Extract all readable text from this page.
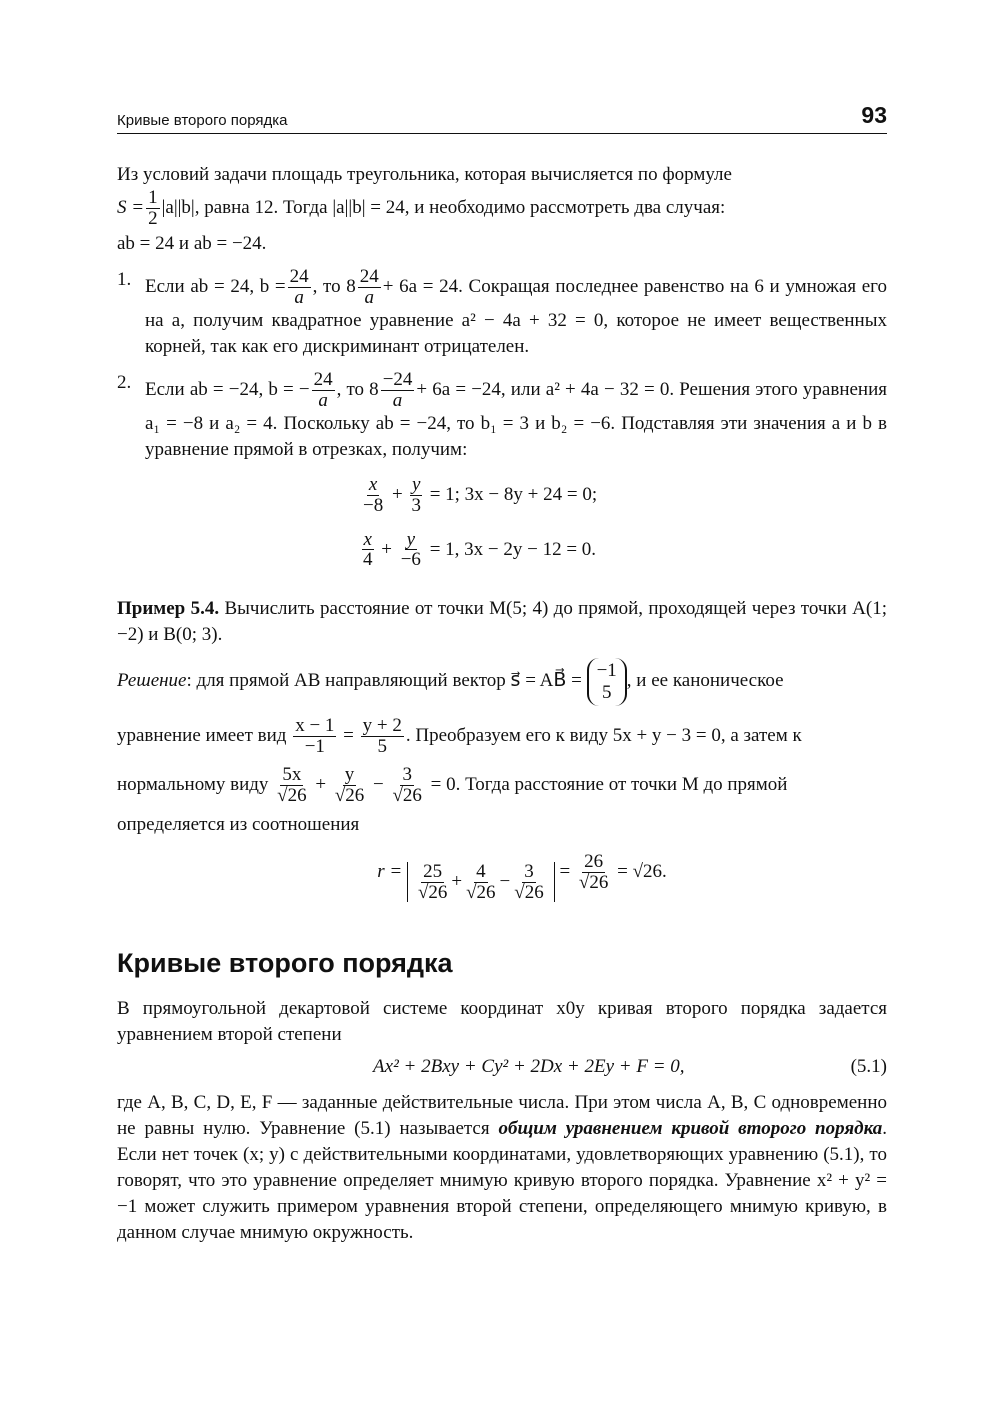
Кривые второго порядка	93

Из условий задачи площадь треугольника, которая вычисляется по формуле

$S = \frac{1}{2} |a||b|$, равна 12. Тогда |a||b| = 24, и необходимо рассмотреть два случая:

ab = 24 и ab = −24.

1. Если ab = 24, $b = \frac{24}{a}$ , то $8 \frac{24}{a} + 6a = 24$. Сокращая последнее равенство на 6 и умножая его на a, получим квадратное уравнение a² − 4a + 32 = 0, которое не имеет вещественных корней, так как его дискриминант отрицателен.
2. Если ab = −24, b = − $\frac{24}{a}$ , то $8 \frac{-24}{a} + 6a = -24$, или a² + 4a − 32 = 0. Решения этого уравнения a₁ = −8 и a₂ = 4. Поскольку ab = −24, то b₁ = 3 и b₂ = −6. Подставляя эти значения a и b в уравнение прямой в отрезках, получим:
$\frac{x}{-8} + \frac{y}{3} = 1$; 3x − 8y + 24 = 0;
$\frac{x}{4} + \frac{y}{-6} = 1$, 3x − 2y − 12 = 0.

Пример 5.4. Вычислить расстояние от точки M(5; 4) до прямой, проходящей через точки A(1; −2) и B(0; 3).

Решение: для прямой AB направляющий вектор s⃗ = AB⃗ = −1
5
, и ее каноническое

уравнение имеет вид $\frac{x - 1}{-1} = \frac{y + 2}{5}$ . Преобразуем его к виду 5x + y − 3 = 0, а затем к

нормальному виду $\frac{5x}{√26} + \frac{y}{√26} - \frac{3}{√26} = 0$. Тогда расстояние от точки M до прямой

определяется из соотношения

$r = \frac{25}{√26} + \frac{4}{√26} - \frac{3}{√26} = \frac{26}{√26} = √26$.
Кривые второго порядка

В прямоугольной декартовой системе координат x0y кривая второго порядка задается уравнением второй степени

Ax² + 2Bxy + Cy² + 2Dx + 2Ey + F = 0,	(5.1)

где A, B, C, D, E, F — заданные действительные числа. При этом числа A, B, C одновременно не равны нулю. Уравнение (5.1) называется общим уравнением кривой второго порядка. Если нет точек (x; y) с действительными координатами, удовлетворяющих уравнению (5.1), то говорят, что это уравнение определяет мнимую кривую второго порядка. Уравнение x² + y² = −1 может служить примером уравнения второй степени, определяющего мнимую кривую, в данном случае мнимую окружность.
